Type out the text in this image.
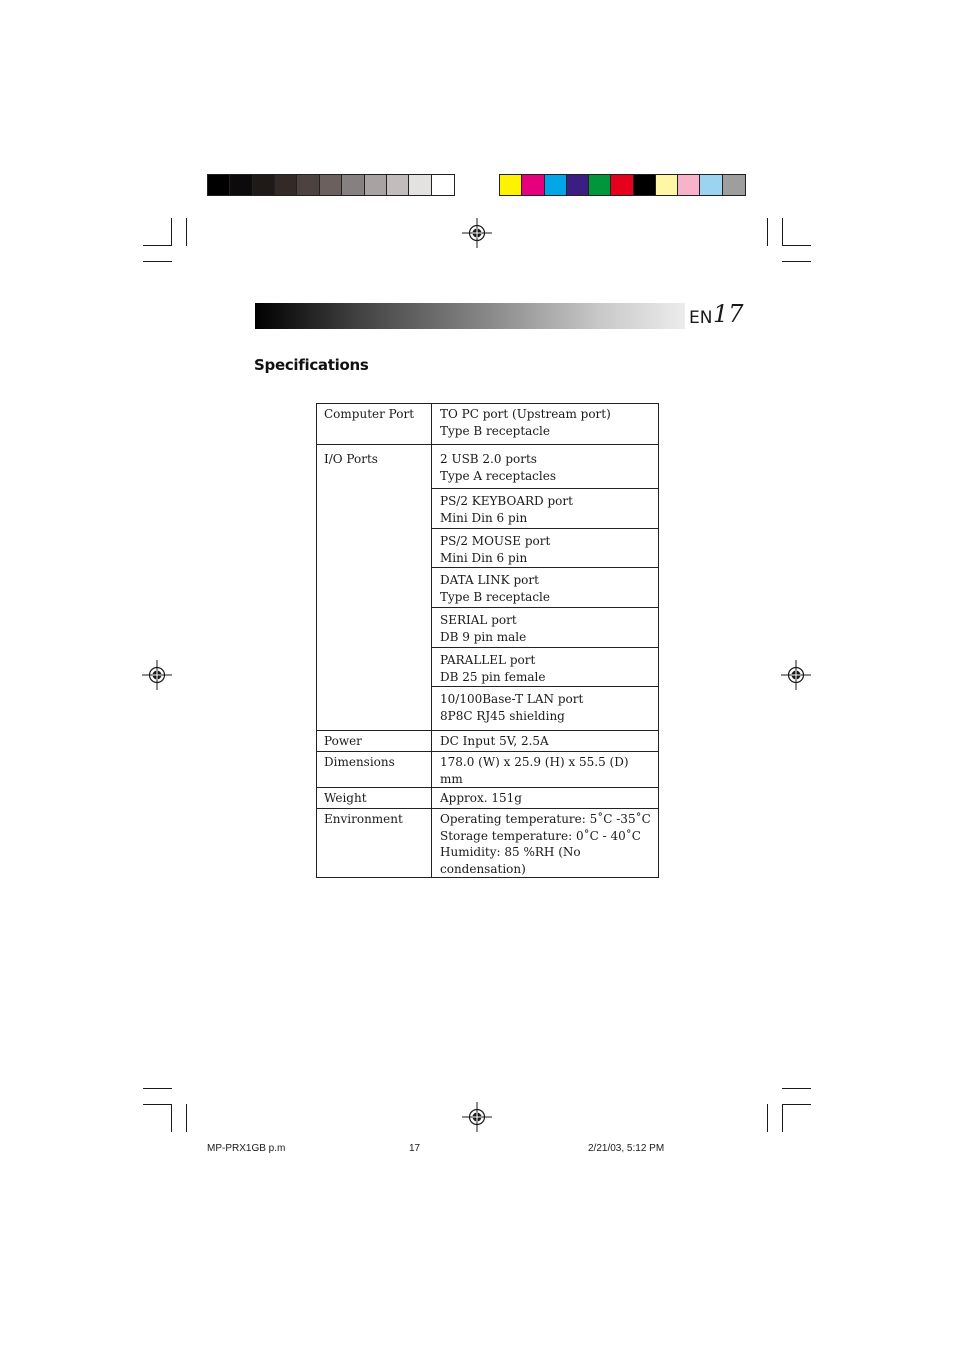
EN 17
Specifications
Computer Port	TO PC port (Upstream port)
Type B receptacle

I/O Ports	2 USB 2.0 ports
Type A receptacles

	PS/2 KEYBOARD port
Mini Din 6 pin

	PS/2 MOUSE port
Mini Din 6 pin

	DATA LINK port
Type B receptacle

	SERIAL port
DB 9 pin male

	PARALLEL port
DB 25 pin female

	10/100Base-T LAN port
8P8C RJ45 shielding

Power	DC Input 5V, 2.5A

Dimensions	178.0 (W) x 25.9 (H) x 55.5 (D) mm

Weight	Approx. 151g

Environment	Operating temperature: 5˚C -35˚C
Storage temperature: 0˚C - 40˚C
Humidity: 85 %RH (No condensation)
MP-PRX1GB p.m	17	2/21/03, 5:12 PM
